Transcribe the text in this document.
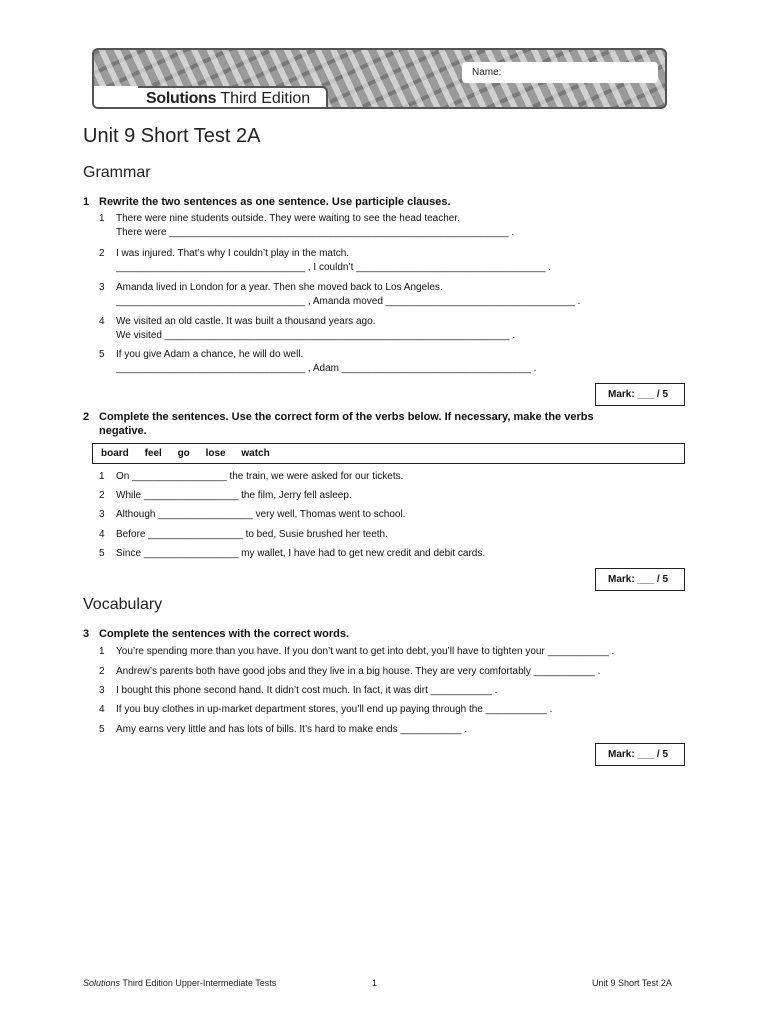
Solutions Third Edition
Name:
Unit 9 Short Test 2A
Grammar
1 Rewrite the two sentences as one sentence. Use participle clauses.
1 There were nine students outside. They were waiting to see the head teacher.
There were _____________________________________________________________ .
2 I was injured. That’s why I couldn’t play in the match.
__________________________________ , I couldn’t __________________________________ .
3 Amanda lived in London for a year. Then she moved back to Los Angeles.
__________________________________ , Amanda moved __________________________________ .
4 We visited an old castle. It was built a thousand years ago.
We visited ______________________________________________________________ .
5 If you give Adam a chance, he will do well.
__________________________________ , Adam __________________________________ .
Mark: ___ / 5
2 Complete the sentences. Use the correct form of the verbs below. If necessary, make the verbs negative.
board feel go lose watch
1 On _________________ the train, we were asked for our tickets.
2 While _________________ the film, Jerry fell asleep.
3 Although _________________ very well, Thomas went to school.
4 Before _________________ to bed, Susie brushed her teeth.
5 Since _________________ my wallet, I have had to get new credit and debit cards.
Mark: ___ / 5
Vocabulary
3 Complete the sentences with the correct words.
1 You’re spending more than you have. If you don’t want to get into debt, you’ll have to tighten your ___________ .
2 Andrew’s parents both have good jobs and they live in a big house. They are very comfortably ___________ .
3 I bought this phone second hand. It didn’t cost much. In fact, it was dirt ___________ .
4 If you buy clothes in up-market department stores, you’ll end up paying through the ___________ .
5 Amy earns very little and has lots of bills. It’s hard to make ends ___________ .
Mark: ___ / 5
Solutions Third Edition Upper-Intermediate Tests	1	Unit 9 Short Test 2A
